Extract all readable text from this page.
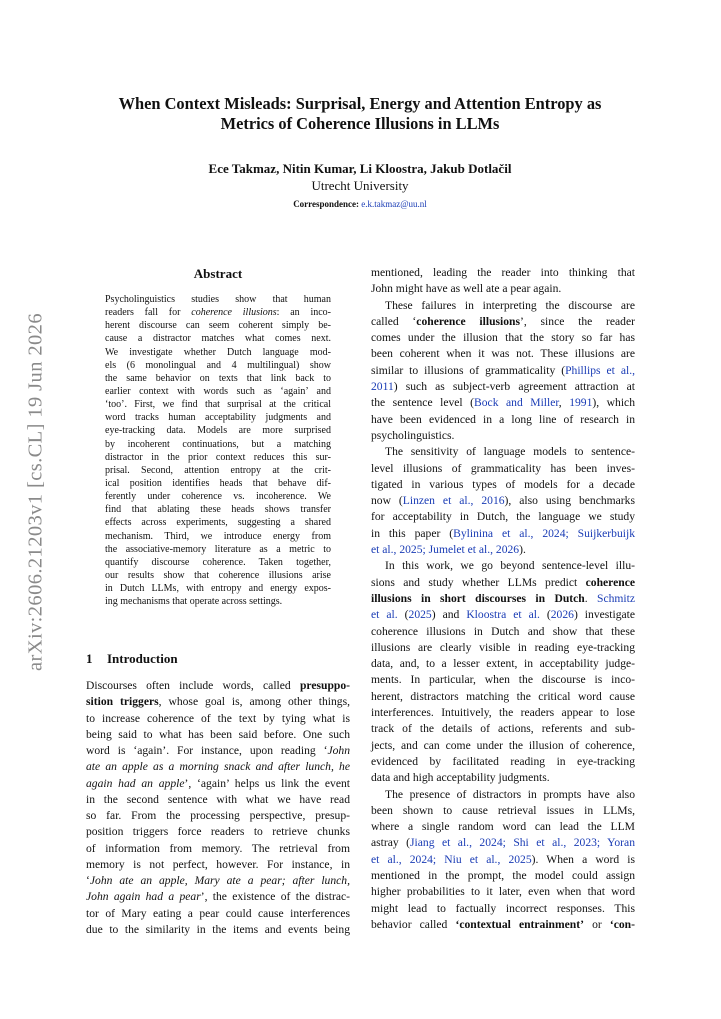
When Context Misleads: Surprisal, Energy and Attention Entropy as
Metrics of Coherence Illusions in LLMs
Ece Takmaz, Nitin Kumar, Li Kloostra, Jakub Dotlačil
Utrecht University
Correspondence: e.k.takmaz@uu.nl
arXiv:2606.21203v1 [cs.CL] 19 Jun 2026
Abstract
Psycholinguistics studies show that human
readers fall for coherence illusions: an inco-
herent discourse can seem coherent simply be-
cause a distractor matches what comes next.
We investigate whether Dutch language mod-
els (6 monolingual and 4 multilingual) show
the same behavior on texts that link back to
earlier context with words such as ‘again’ and
‘too’. First, we find that surprisal at the critical
word tracks human acceptability judgments and
eye-tracking data. Models are more surprised
by incoherent continuations, but a matching
distractor in the prior context reduces this sur-
prisal. Second, attention entropy at the crit-
ical position identifies heads that behave dif-
ferently under coherence vs. incoherence. We
find that ablating these heads shows transfer
effects across experiments, suggesting a shared
mechanism. Third, we introduce energy from
the associative-memory literature as a metric to
quantify discourse coherence. Taken together,
our results show that coherence illusions arise
in Dutch LLMs, with entropy and energy expos-
ing mechanisms that operate across settings.
1 Introduction
Discourses often include words, called presuppo-
sition triggers, whose goal is, among other things,
to increase coherence of the text by tying what is
being said to what has been said before. One such
word is ‘again’. For instance, upon reading ‘John
ate an apple as a morning snack and after lunch, he
again had an apple’, ‘again’ helps us link the event
in the second sentence with what we have read
so far. From the processing perspective, presup-
position triggers force readers to retrieve chunks
of information from memory. The retrieval from
memory is not perfect, however. For instance, in
‘John ate an apple, Mary ate a pear; after lunch,
John again had a pear’, the existence of the distrac-
tor of Mary eating a pear could cause interferences
due to the similarity in the items and events being
mentioned, leading the reader into thinking that
John might have as well ate a pear again.
These failures in interpreting the discourse are
called ‘coherence illusions’, since the reader
comes under the illusion that the story so far has
been coherent when it was not. These illusions are
similar to illusions of grammaticality (Phillips et al.,
2011) such as subject-verb agreement attraction at
the sentence level (Bock and Miller, 1991), which
have been evidenced in a long line of research in
psycholinguistics.
The sensitivity of language models to sentence-
level illusions of grammaticality has been inves-
tigated in various types of models for a decade
now (Linzen et al., 2016), also using benchmarks
for acceptability in Dutch, the language we study
in this paper (Bylinina et al., 2024; Suijkerbuijk
et al., 2025; Jumelet et al., 2026).
In this work, we go beyond sentence-level illu-
sions and study whether LLMs predict coherence
illusions in short discourses in Dutch. Schmitz
et al. (2025) and Kloostra et al. (2026) investigate
coherence illusions in Dutch and show that these
illusions are clearly visible in reading eye-tracking
data, and, to a lesser extent, in acceptability judge-
ments. In particular, when the discourse is inco-
herent, distractors matching the critical word cause
interferences. Intuitively, the readers appear to lose
track of the details of actions, referents and sub-
jects, and can come under the illusion of coherence,
evidenced by facilitated reading in eye-tracking
data and high acceptability judgments.
The presence of distractors in prompts have also
been shown to cause retrieval issues in LLMs,
where a single random word can lead the LLM
astray (Jiang et al., 2024; Shi et al., 2023; Yoran
et al., 2024; Niu et al., 2025). When a word is
mentioned in the prompt, the model could assign
higher probabilities to it later, even when that word
might lead to factually incorrect responses. This
behavior called ‘contextual entrainment’ or ‘con-
